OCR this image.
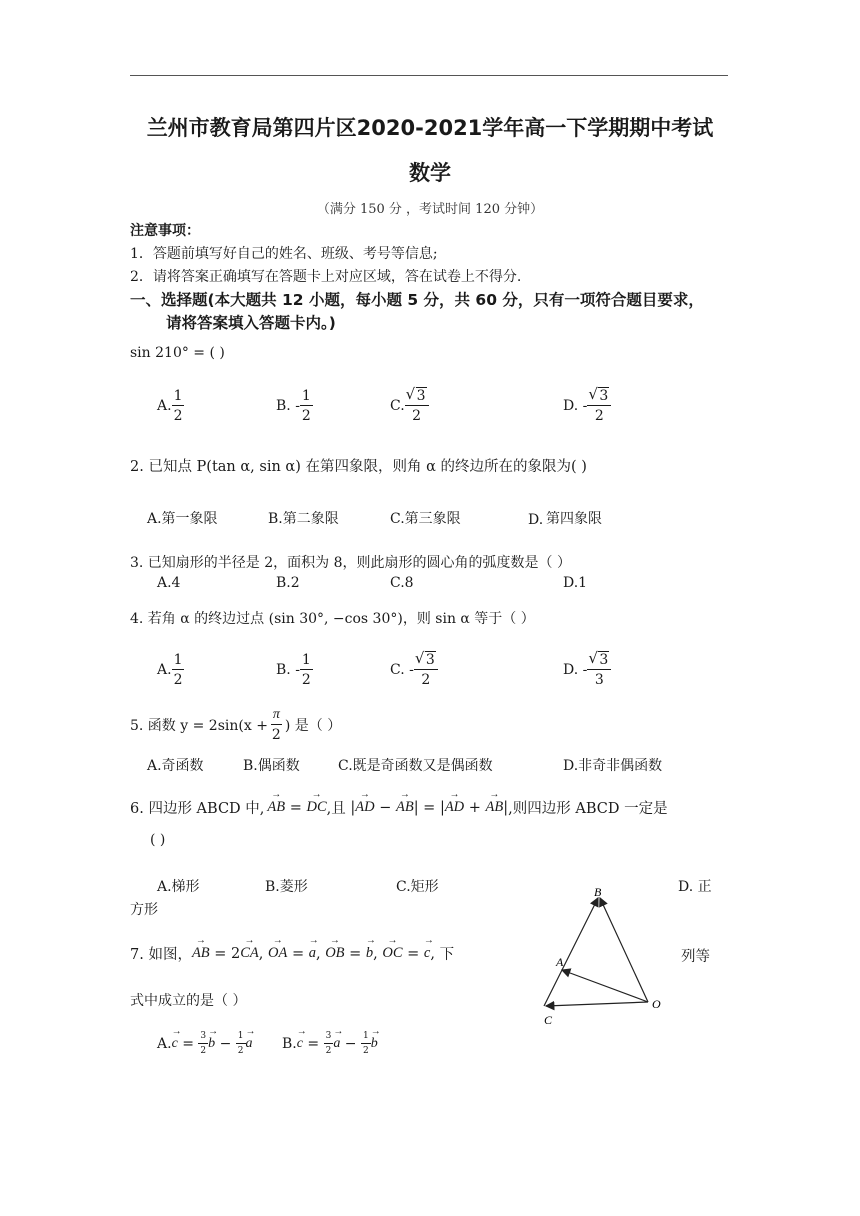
兰州市教育局第四片区2020-2021学年高一下学期期中考试
数学
（满分 150 分 ，考试时间 120 分钟）
注意事项：
1．答题前填写好自己的姓名、班级、考号等信息;
2．请将答案正确填写在答题卡上对应区域，答在试卷上不得分.
一、选择题(本大题共 12 小题，每小题 5 分，共 60 分，只有一项符合题目要求，
请将答案填入答题卡内。)
sin 210° = ( )
A. $\frac{1}{2}$	B. - $\frac{1}{2}$	C.
√ $\frac{3}{2}$	D. -
√ $\frac{3}{2}$
2. 已知点 P(tan α, sin α) 在第四象限，则角 α 的终边所在的象限为( )
A.第一象限	B.第二象限	C.第三象限	D. 第四象限
3. 已知扇形的半径是 2，面积为 8，则此扇形的圆心角的弧度数是（ ）
A.4	B.2	C.8	D.1
4. 若角 α 的终边过点 (sin 30°, −cos 30°)，则 sin α 等于（ ）
A. $\frac{1}{2}$	B. - $\frac{1}{2}$	C. -
√ $\frac{3}{2}$	D. -
√ $\frac{3}{3}$
5. 函数 $y = 2\sin(x + \frac{\pi}{2}$ ) 是（ ）
A.奇函数	B.偶函数	C.既是奇函数又是偶函数	D.非奇非偶函数
6. 四边形 ABCD 中,
→ AB =
→ DC ,且 |
→ AD −
→ AB | = |
→ AD +
→ AB | ,则四边形 ABCD 一定是
( )
A.梯形	B.菱形	C.矩形	D. 正
方形
7. 如图，
→ AB = 2
→ CA ,
→ OA =
→ a ,
→ OB =
→ b ,
→ OC =
→ c , 下	列等
式中成立的是（ ）
A.
→ $c = \frac{3}{2}$
→ $b - \frac{1}{2}$
→ a B.
→ $c = \frac{3}{2}$
→ $a - \frac{1}{2}$
→ b
B
A
O
C
